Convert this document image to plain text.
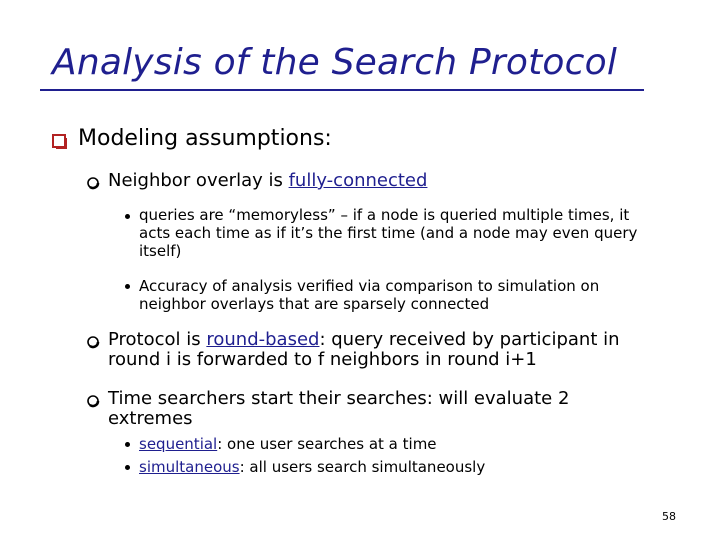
Analysis of the Search Protocol
Modeling assumptions:
Neighbor overlay is fully-connected
queries are “memoryless” – if a node is queried multiple times, it acts each time as if it’s the first time (and a node may even query itself)
Accuracy of analysis verified via comparison to simulation on neighbor overlays that are sparsely connected
Protocol is round-based: query received by participant in round i is forwarded to f neighbors in round i+1
Time searchers start their searches: will evaluate 2 extremes
sequential: one user searches at a time
simultaneous: all users search simultaneously
58
